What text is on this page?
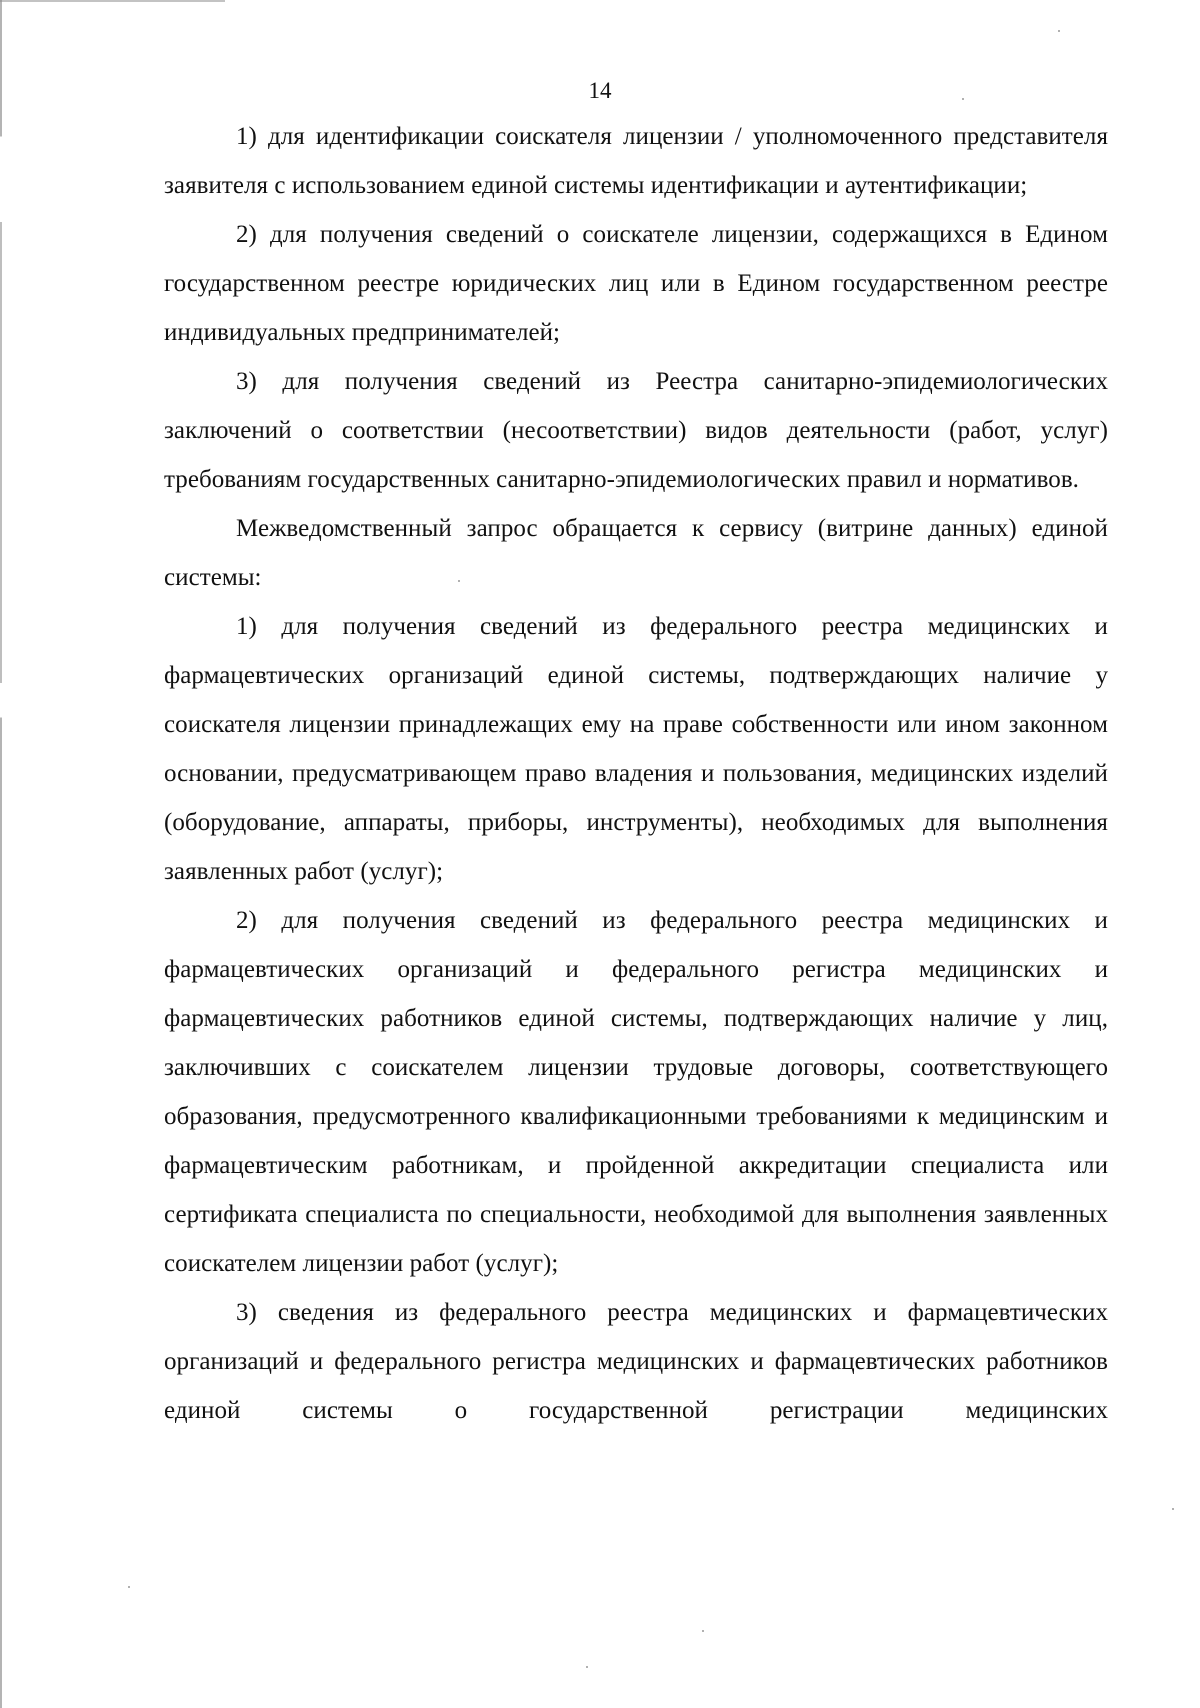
14

1) для идентификации соискателя лицензии / уполномоченного представителя заявителя с использованием единой системы идентификации и аутентификации;

2) для получения сведений о соискателе лицензии, содержащихся в Едином государственном реестре юридических лиц или в Едином государственном реестре индивидуальных предпринимателей;

3) для получения сведений из Реестра санитарно-эпидемиологических заключений о соответствии (несоответствии) видов деятельности (работ, услуг) требованиям государственных санитарно-эпидемиологических правил и нормативов.

Межведомственный запрос обращается к сервису (витрине данных) единой системы:

1) для получения сведений из федерального реестра медицинских и фармацевтических организаций единой системы, подтверждающих наличие у соискателя лицензии принадлежащих ему на праве собственности или ином законном основании, предусматривающем право владения и пользования, медицинских изделий (оборудование, аппараты, приборы, инструменты), необходимых для выполнения заявленных работ (услуг);

2) для получения сведений из федерального реестра медицинских и фармацевтических организаций и федерального регистра медицинских и фармацевтических работников единой системы, подтверждающих наличие у лиц, заключивших с соискателем лицензии трудовые договоры, соответствующего образования, предусмотренного квалификационными требованиями к медицинским и фармацевтическим работникам, и пройденной аккредитации специалиста или сертификата специалиста по специальности, необходимой для выполнения заявленных соискателем лицензии работ (услуг);

3) сведения из федерального реестра медицинских и фармацевтических организаций и федерального регистра медицинских и фармацевтических работников единой системы о государственной регистрации медицинских
